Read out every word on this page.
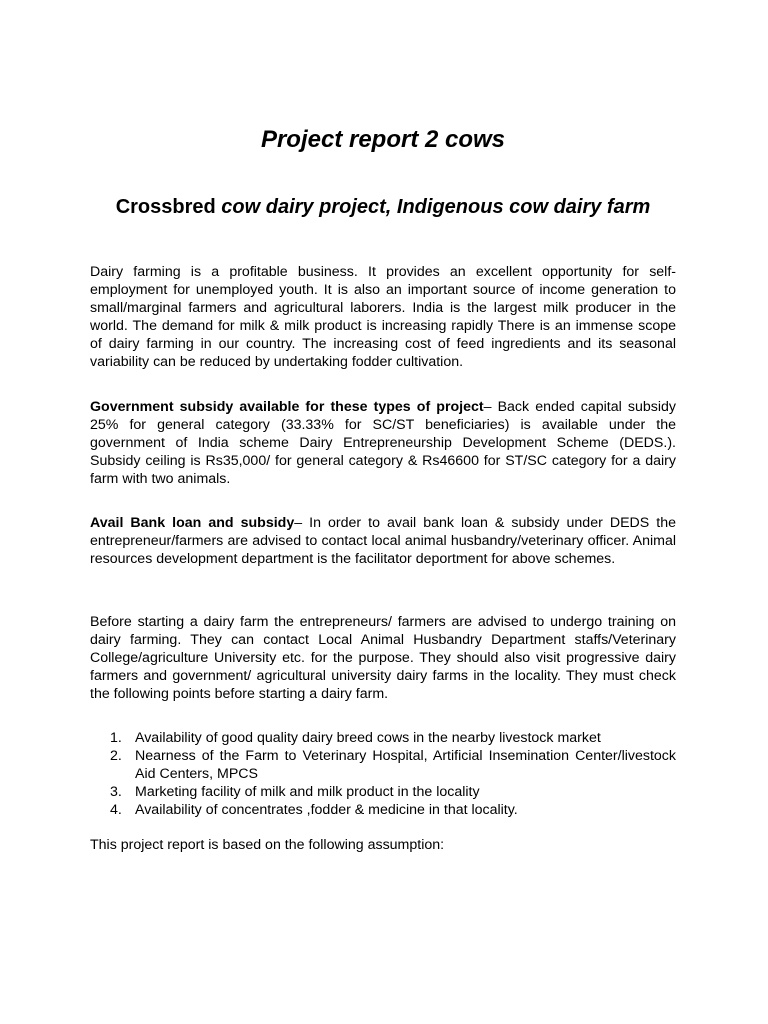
Project report 2 cows
Crossbred cow dairy project, Indigenous cow dairy farm

Dairy farming is a profitable business. It provides an excellent opportunity for self-employment for unemployed youth. It is also an important source of income generation to small/marginal farmers and agricultural laborers. India is the largest milk producer in the world. The demand for milk & milk product is increasing rapidly There is an immense scope of dairy farming in our country. The increasing cost of feed ingredients and its seasonal variability can be reduced by undertaking fodder cultivation.

Government subsidy available for these types of project– Back ended capital subsidy 25% for general category (33.33% for SC/ST beneficiaries) is available under the government of India scheme Dairy Entrepreneurship Development Scheme (DEDS.). Subsidy ceiling is Rs35,000/ for general category & Rs46600 for ST/SC category for a dairy farm with two animals.

Avail Bank loan and subsidy– In order to avail bank loan & subsidy under DEDS the entrepreneur/farmers are advised to contact local animal husbandry/veterinary officer. Animal resources development department is the facilitator deportment for above schemes.

Before starting a dairy farm the entrepreneurs/ farmers are advised to undergo training on dairy farming. They can contact Local Animal Husbandry Department staffs/Veterinary College/agriculture University etc. for the purpose. They should also visit progressive dairy farmers and government/ agricultural university dairy farms in the locality. They must check the following points before starting a dairy farm.

1. Availability of good quality dairy breed cows in the nearby livestock market
2. Nearness of the Farm to Veterinary Hospital, Artificial Insemination Center/livestock Aid Centers, MPCS
3. Marketing facility of milk and milk product in the locality
4. Availability of concentrates ,fodder & medicine in that locality.

This project report is based on the following assumption:
